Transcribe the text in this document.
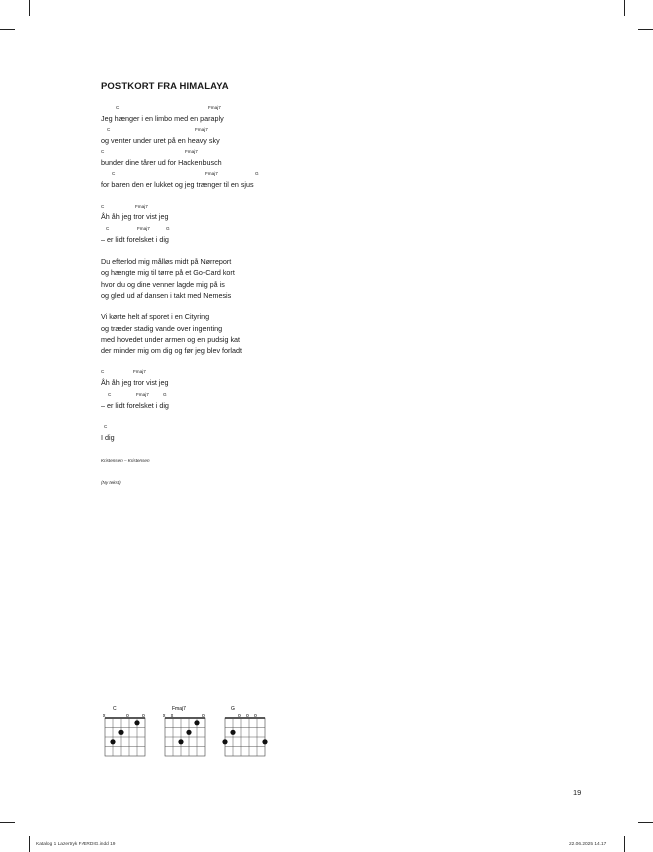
POSTKORT FRA HIMALAYA
C	Fmaj7
Jeg hænger i en limbo med en paraply
C	Fmaj7
og venter under uret på en heavy sky
C	Fmaj7
bunder dine tårer ud for Hackenbusch
C	Fmaj7	G
for baren den er lukket og jeg trænger til en sjus
C	Fmaj7
Åh åh jeg tror vist jeg
C	Fmaj7	G
– er lidt forelsket i dig
Du efterlod mig målløs midt på Nørreport
og hængte mig til tørre på et Go-Card kort
hvor du og dine venner lagde mig på is
og gled ud af dansen i takt med Nemesis
Vi kørte helt af sporet i en Cityring
og træder stadig vande over ingenting
med hovedet under armen og en pudsig kat
der minder mig om dig og før jeg blev forladt
C	Fmaj7
Åh åh jeg tror vist jeg
C	Fmaj7	G
– er lidt forelsket i dig
C
I dig
Kristensen – Kristensen
(Ny tekst)
C
x	o	o
Fmaj7
x x	o
G
o o o
19
Katalog 1 Lazertryk FÆRDIG.indd 19	22.06.2025 14.17
